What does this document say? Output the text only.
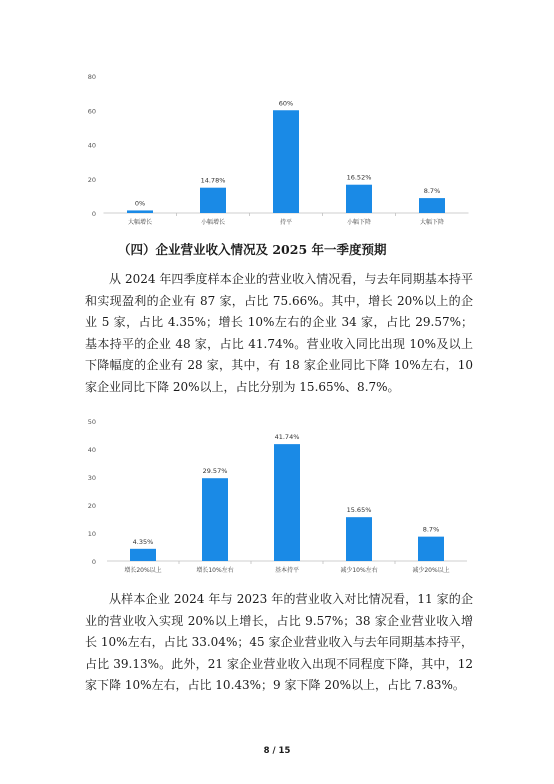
0
20
40
60
80
0%
大幅增长
14.78%
小幅增长
60%
持平
16.52%
小幅下降
8.7%
大幅下降
（四）企业营业收入情况及 2025 年一季度预期

从 2024 年四季度样本企业的营业收入情况看，与去年同期基本持平和实现盈利的企业有 87 家，占比 75.66%。其中，增长 20%以上的企业 5 家，占比 4.35%；增长 10%左右的企业 34 家，占比 29.57%；基本持平的企业 48 家，占比 41.74%。营业收入同比出现 10%及以上下降幅度的企业有 28 家，其中，有 18 家企业同比下降 10%左右，10 家企业同比下降 20%以上，占比分别为 15.65%、8.7%。

0
10
20
30
40
50
4.35%
增长20%以上
29.57%
增长10%左右
41.74%
基本持平
15.65%
减少10%左右
8.7%
减少20%以上

从样本企业 2024 年与 2023 年的营业收入对比情况看，11 家的企业的营业收入实现 20%以上增长，占比 9.57%；38 家企业营业收入增长 10%左右，占比 33.04%；45 家企业营业收入与去年同期基本持平，占比 39.13%。此外，21 家企业营业收入出现不同程度下降，其中，12 家下降 10%左右，占比 10.43%；9 家下降 20%以上，占比 7.83%。

8 / 15
